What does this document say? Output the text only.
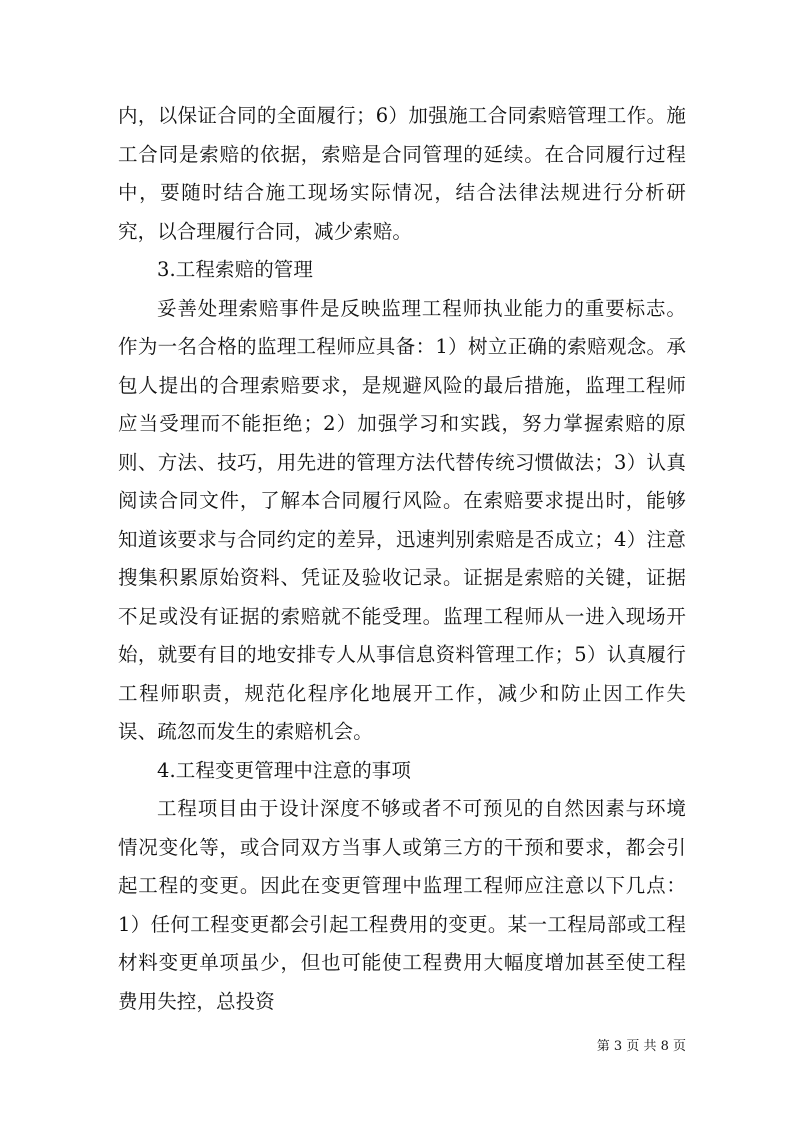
内，以保证合同的全面履行；6）加强施工合同索赔管理工作。施工合同是索赔的依据，索赔是合同管理的延续。在合同履行过程中，要随时结合施工现场实际情况，结合法律法规进行分析研究，以合理履行合同，减少索赔。

3.工程索赔的管理

妥善处理索赔事件是反映监理工程师执业能力的重要标志。作为一名合格的监理工程师应具备：1）树立正确的索赔观念。承包人提出的合理索赔要求，是规避风险的最后措施，监理工程师应当受理而不能拒绝；2）加强学习和实践，努力掌握索赔的原则、方法、技巧，用先进的管理方法代替传统习惯做法；3）认真阅读合同文件，了解本合同履行风险。在索赔要求提出时，能够知道该要求与合同约定的差异，迅速判别索赔是否成立；4）注意搜集积累原始资料、凭证及验收记录。证据是索赔的关键，证据不足或没有证据的索赔就不能受理。监理工程师从一进入现场开始，就要有目的地安排专人从事信息资料管理工作；5）认真履行工程师职责，规范化程序化地展开工作，减少和防止因工作失误、疏忽而发生的索赔机会。

4.工程变更管理中注意的事项

工程项目由于设计深度不够或者不可预见的自然因素与环境情况变化等，或合同双方当事人或第三方的干预和要求，都会引起工程的变更。因此在变更管理中监理工程师应注意以下几点：1）任何工程变更都会引起工程费用的变更。某一工程局部或工程材料变更单项虽少，但也可能使工程费用大幅度增加甚至使工程费用失控，总投资

第 3 页 共 8 页
